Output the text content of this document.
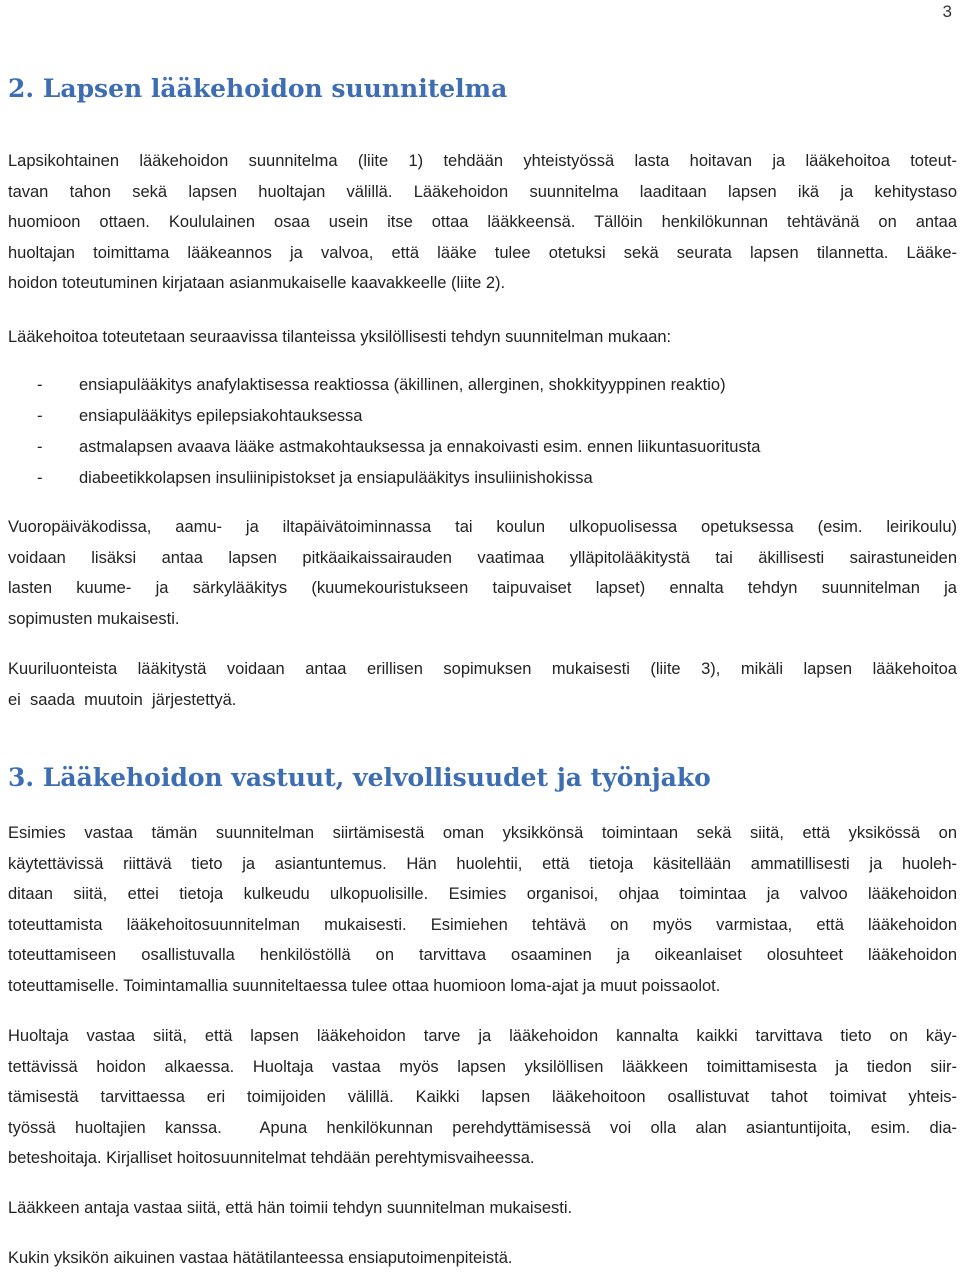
3
2. Lapsen lääkehoidon suunnitelma
Lapsikohtainen lääkehoidon suunnitelma (liite 1) tehdään yhteistyössä lasta hoitavan ja lääkehoitoa toteut-
tavan tahon sekä lapsen huoltajan välillä. Lääkehoidon suunnitelma laaditaan lapsen ikä ja kehitystaso
huomioon ottaen. Koululainen osaa usein itse ottaa lääkkeensä. Tällöin henkilökunnan tehtävänä on antaa
huoltajan toimittama lääkeannos ja valvoa, että lääke tulee otetuksi sekä seurata lapsen tilannetta. Lääke-
hoidon toteutuminen kirjataan asianmukaiselle kaavakkeelle (liite 2).
Lääkehoitoa toteutetaan seuraavissa tilanteissa yksilöllisesti tehdyn suunnitelman mukaan:
-	ensiapulääkitys anafylaktisessa reaktiossa (äkillinen, allerginen, shokkityyppinen reaktio)
-	ensiapulääkitys epilepsiakohtauksessa
-	astmalapsen avaava lääke astmakohtauksessa ja ennakoivasti esim. ennen liikuntasuoritusta
-	diabeetikkolapsen insuliinipistokset ja ensiapulääkitys insuliinishokissa
Vuoropäiväkodissa, aamu- ja iltapäivätoiminnassa tai koulun ulkopuolisessa opetuksessa (esim. leirikoulu)
voidaan lisäksi antaa lapsen pitkäaikaissairauden vaatimaa ylläpitolääkitystä tai äkillisesti sairastuneiden
lasten kuume- ja särkylääkitys (kuumekouristukseen taipuvaiset lapset) ennalta tehdyn suunnitelman ja
sopimusten mukaisesti.
Kuuriluonteista lääkitystä voidaan antaa erillisen sopimuksen mukaisesti (liite 3), mikäli lapsen lääkehoitoa
ei  saada  muutoin  järjestettyä.
3. Lääkehoidon vastuut, velvollisuudet ja työnjako
Esimies vastaa tämän suunnitelman siirtämisestä oman yksikkönsä toimintaan sekä siitä, että yksikössä on
käytettävissä riittävä tieto ja asiantuntemus. Hän huolehtii, että tietoja käsitellään ammatillisesti ja huoleh-
ditaan siitä, ettei tietoja kulkeudu ulkopuolisille. Esimies organisoi, ohjaa toimintaa ja valvoo lääkehoidon
toteuttamista lääkehoitosuunnitelman mukaisesti. Esimiehen tehtävä on myös varmistaa, että lääkehoidon
toteuttamiseen osallistuvalla henkilöstöllä on tarvittava osaaminen ja oikeanlaiset olosuhteet lääkehoidon
toteuttamiselle. Toimintamallia suunniteltaessa tulee ottaa huomioon loma-ajat ja muut poissaolot.
Huoltaja vastaa siitä, että lapsen lääkehoidon tarve ja lääkehoidon kannalta kaikki tarvittava tieto on käy-
tettävissä hoidon alkaessa. Huoltaja vastaa myös lapsen yksilöllisen lääkkeen toimittamisesta ja tiedon siir-
tämisestä tarvittaessa eri toimijoiden välillä. Kaikki lapsen lääkehoitoon osallistuvat tahot toimivat yhteis-
työssä huoltajien kanssa.  Apuna henkilökunnan perehdyttämisessä voi olla alan asiantuntijoita, esim. dia-
beteshoitaja. Kirjalliset hoitosuunnitelmat tehdään perehtymisvaiheessa.
Lääkkeen antaja vastaa siitä, että hän toimii tehdyn suunnitelman mukaisesti.
Kukin yksikön aikuinen vastaa hätätilanteessa ensiaputoimenpiteistä.
